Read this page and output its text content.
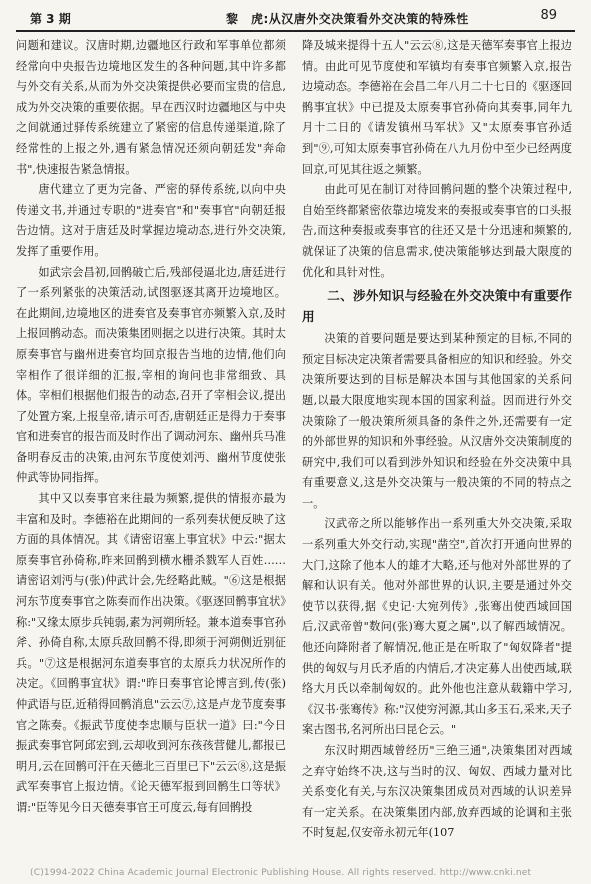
第 3 期	黎　虎:从汉唐外交决策看外交决策的特殊性	89

问题和建议。汉唐时期,边疆地区行政和军事单位都须经常向中央报告边境地区发生的各种问题,其中许多都与外交有关系,从而为外交决策提供必要而宝贵的信息,成为外交决策的重要依据。早在西汉时边疆地区与中央之间就通过驿传系统建立了紧密的信息传递渠道,除了经常性的上报之外,遇有紧急情况还须向朝廷发"奔命书",快速报告紧急情报。

唐代建立了更为完备、严密的驿传系统,以向中央传递文书,并通过专职的"进奏官"和"奏事官"向朝廷报告边情。这对于唐廷及时掌握边境动态,进行外交决策,发挥了重要作用。

如武宗会昌初,回鹘破亡后,残部侵逼北边,唐廷进行了一系列紧张的决策活动,试图驱逐其离开边境地区。在此期间,边境地区的进奏官及奏事官亦频繁入京,及时上报回鹘动态。而决策集团则据之以进行决策。其时太原奏事官与幽州进奏官均回京报告当地的边情,他们向宰相作了很详细的汇报,宰相的询问也非常细致、具体。宰相们根据他们报告的动态,召开了宰相会议,提出了处置方案,上报皇帝,请示可否,唐朝廷正是得力于奏事官和进奏官的报告而及时作出了调动河东、幽州兵马准备明春反击的决策,由河东节度使刘沔、幽州节度使张仲武等协同指挥。

其中又以奏事官来往最为频繁,提供的情报亦最为丰富和及时。李德裕在此期间的一系列奏状便反映了这方面的具体情况。其《请密诏塞上事宜状》中云:"据太原奏事官孙倚称,昨来回鹘到横水栅杀戮军人百姓……请密诏刘沔与(张)仲武计会,先经略此贼。"⑥这是根据河东节度奏事官之陈奏而作出决策。《驱逐回鹘事宜状》称:"又缘太原步兵钝弱,素为河朔所轻。兼本道奏事官孙斧、孙倚自称,太原兵敌回鹘不得,即须于河朔侧近别征兵。"⑦这是根据河东道奏事官的太原兵力状况所作的决定。《回鹘事宜状》谓:"昨日奏事官论博言到,传(张)仲武语与臣,近稍得回鹘消息"云云⑦,这是卢龙节度奏事官之陈奏。《振武节度使李忠顺与臣状一道》曰:"今日振武奏事官阿邱宏到,云却收到河东孩孩营健儿,都报已明月,云在回鹘可汗在天德北三百里已下"云云⑧,这是振武军奏事官上报边情。《论天德军报到回鹘生口等状》谓:"臣等见今日天德奏事官王可度云,每有回鹘投

降及城来提得十五人"云云⑧,这是天德军奏事官上报边情。由此可见节度使和军镇均有奏事官频繁入京,报告边境动态。李德裕在会昌二年八月二十七日的《驱逐回鹘事宜状》中已提及太原奏事官孙倚向其奏事,同年九月十二日的《请发镇州马军状》又"太原奏事官孙适到"⑨,可知太原奏事官孙倚在八九月份中至少已经两度回京,可见其往返之频繁。

由此可见在制订对待回鹘问题的整个决策过程中,自始至终都紧密依靠边境发来的奏报或奏事官的口头报告,而这种奏报或奏事官的往还又是十分迅速和频繁的,就保证了决策的信息需求,使决策能够达到最大限度的优化和具针对性。

二、涉外知识与经验在外交决策中有重要作用

决策的首要问题是要达到某种预定的目标,不同的预定目标决定决策者需要具备相应的知识和经验。外交决策所要达到的目标是解决本国与其他国家的关系问题,以最大限度地实现本国的国家利益。因而进行外交决策除了一般决策所须具备的条件之外,还需要有一定的外部世界的知识和外事经验。从汉唐外交决策制度的研究中,我们可以看到涉外知识和经验在外交决策中具有重要意义,这是外交决策与一般决策的不同的特点之一。

汉武帝之所以能够作出一系列重大外交决策,采取一系列重大外交行动,实现"凿空",首次打开通向世界的大门,这除了他本人的雄才大略,还与他对外部世界的了解和认识有关。他对外部世界的认识,主要是通过外交使节以获得,据《史记·大宛列传》,张骞出使西域回国后,汉武帝曾"数问(张)骞大夏之属",以了解西域情况。他还向降附者了解情况,他正是在听取了"匈奴降者"提供的匈奴与月氏矛盾的内情后,才决定募人出使西域,联络大月氏以牵制匈奴的。此外他也注意从载籍中学习,《汉书·张骞传》称:"汉使穷河源,其山多玉石,采来,天子案古图书,名河所出曰昆仑云。"

东汉时期西域曾经历"三绝三通",决策集团对西域之弃守始终不决,这与当时的汉、匈奴、西域力量对比关系变化有关,与东汉决策集团成员对西域的认识差异有一定关系。在决策集团内部,放弃西域的论调和主张不时复起,仅安帝永初元年(107

(C)1994-2022 China Academic Journal Electronic Publishing House. All rights reserved. http://www.cnki.net
